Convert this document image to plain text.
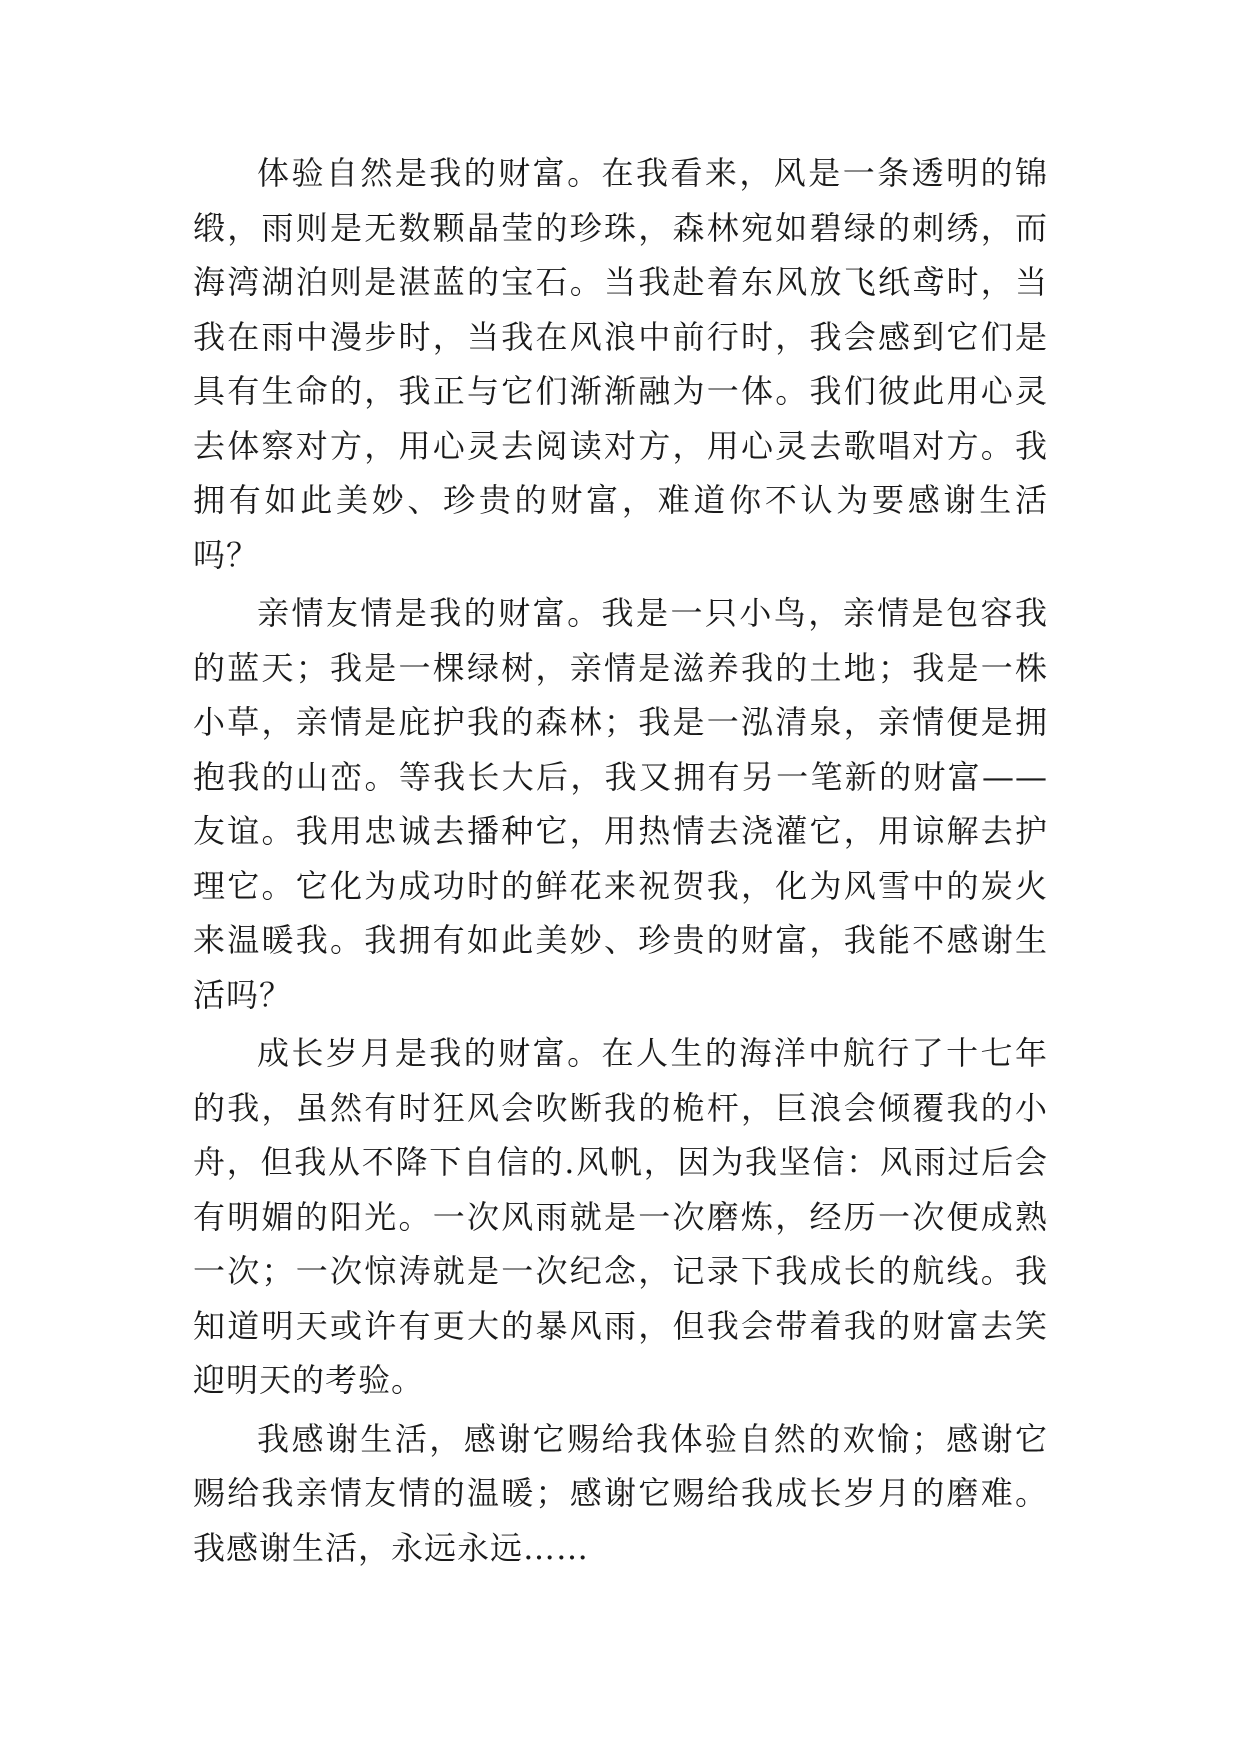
体验自然是我的财富。在我看来，风是一条透明的锦缎，雨则是无数颗晶莹的珍珠，森林宛如碧绿的刺绣，而海湾湖泊则是湛蓝的宝石。当我赴着东风放飞纸鸢时，当我在雨中漫步时，当我在风浪中前行时，我会感到它们是具有生命的，我正与它们渐渐融为一体。我们彼此用心灵去体察对方，用心灵去阅读对方，用心灵去歌唱对方。我拥有如此美妙、珍贵的财富，难道你不认为要感谢生活吗？

亲情友情是我的财富。我是一只小鸟，亲情是包容我的蓝天；我是一棵绿树，亲情是滋养我的土地；我是一株小草，亲情是庇护我的森林；我是一泓清泉，亲情便是拥抱我的山峦。等我长大后，我又拥有另一笔新的财富——友谊。我用忠诚去播种它，用热情去浇灌它，用谅解去护理它。它化为成功时的鲜花来祝贺我，化为风雪中的炭火来温暖我。我拥有如此美妙、珍贵的财富，我能不感谢生活吗？

成长岁月是我的财富。在人生的海洋中航行了十七年的我，虽然有时狂风会吹断我的桅杆，巨浪会倾覆我的小舟，但我从不降下自信的.风帆，因为我坚信：风雨过后会有明媚的阳光。一次风雨就是一次磨炼，经历一次便成熟一次；一次惊涛就是一次纪念，记录下我成长的航线。我知道明天或许有更大的暴风雨，但我会带着我的财富去笑迎明天的考验。

我感谢生活，感谢它赐给我体验自然的欢愉；感谢它赐给我亲情友情的温暖；感谢它赐给我成长岁月的磨难。我感谢生活，永远永远……
